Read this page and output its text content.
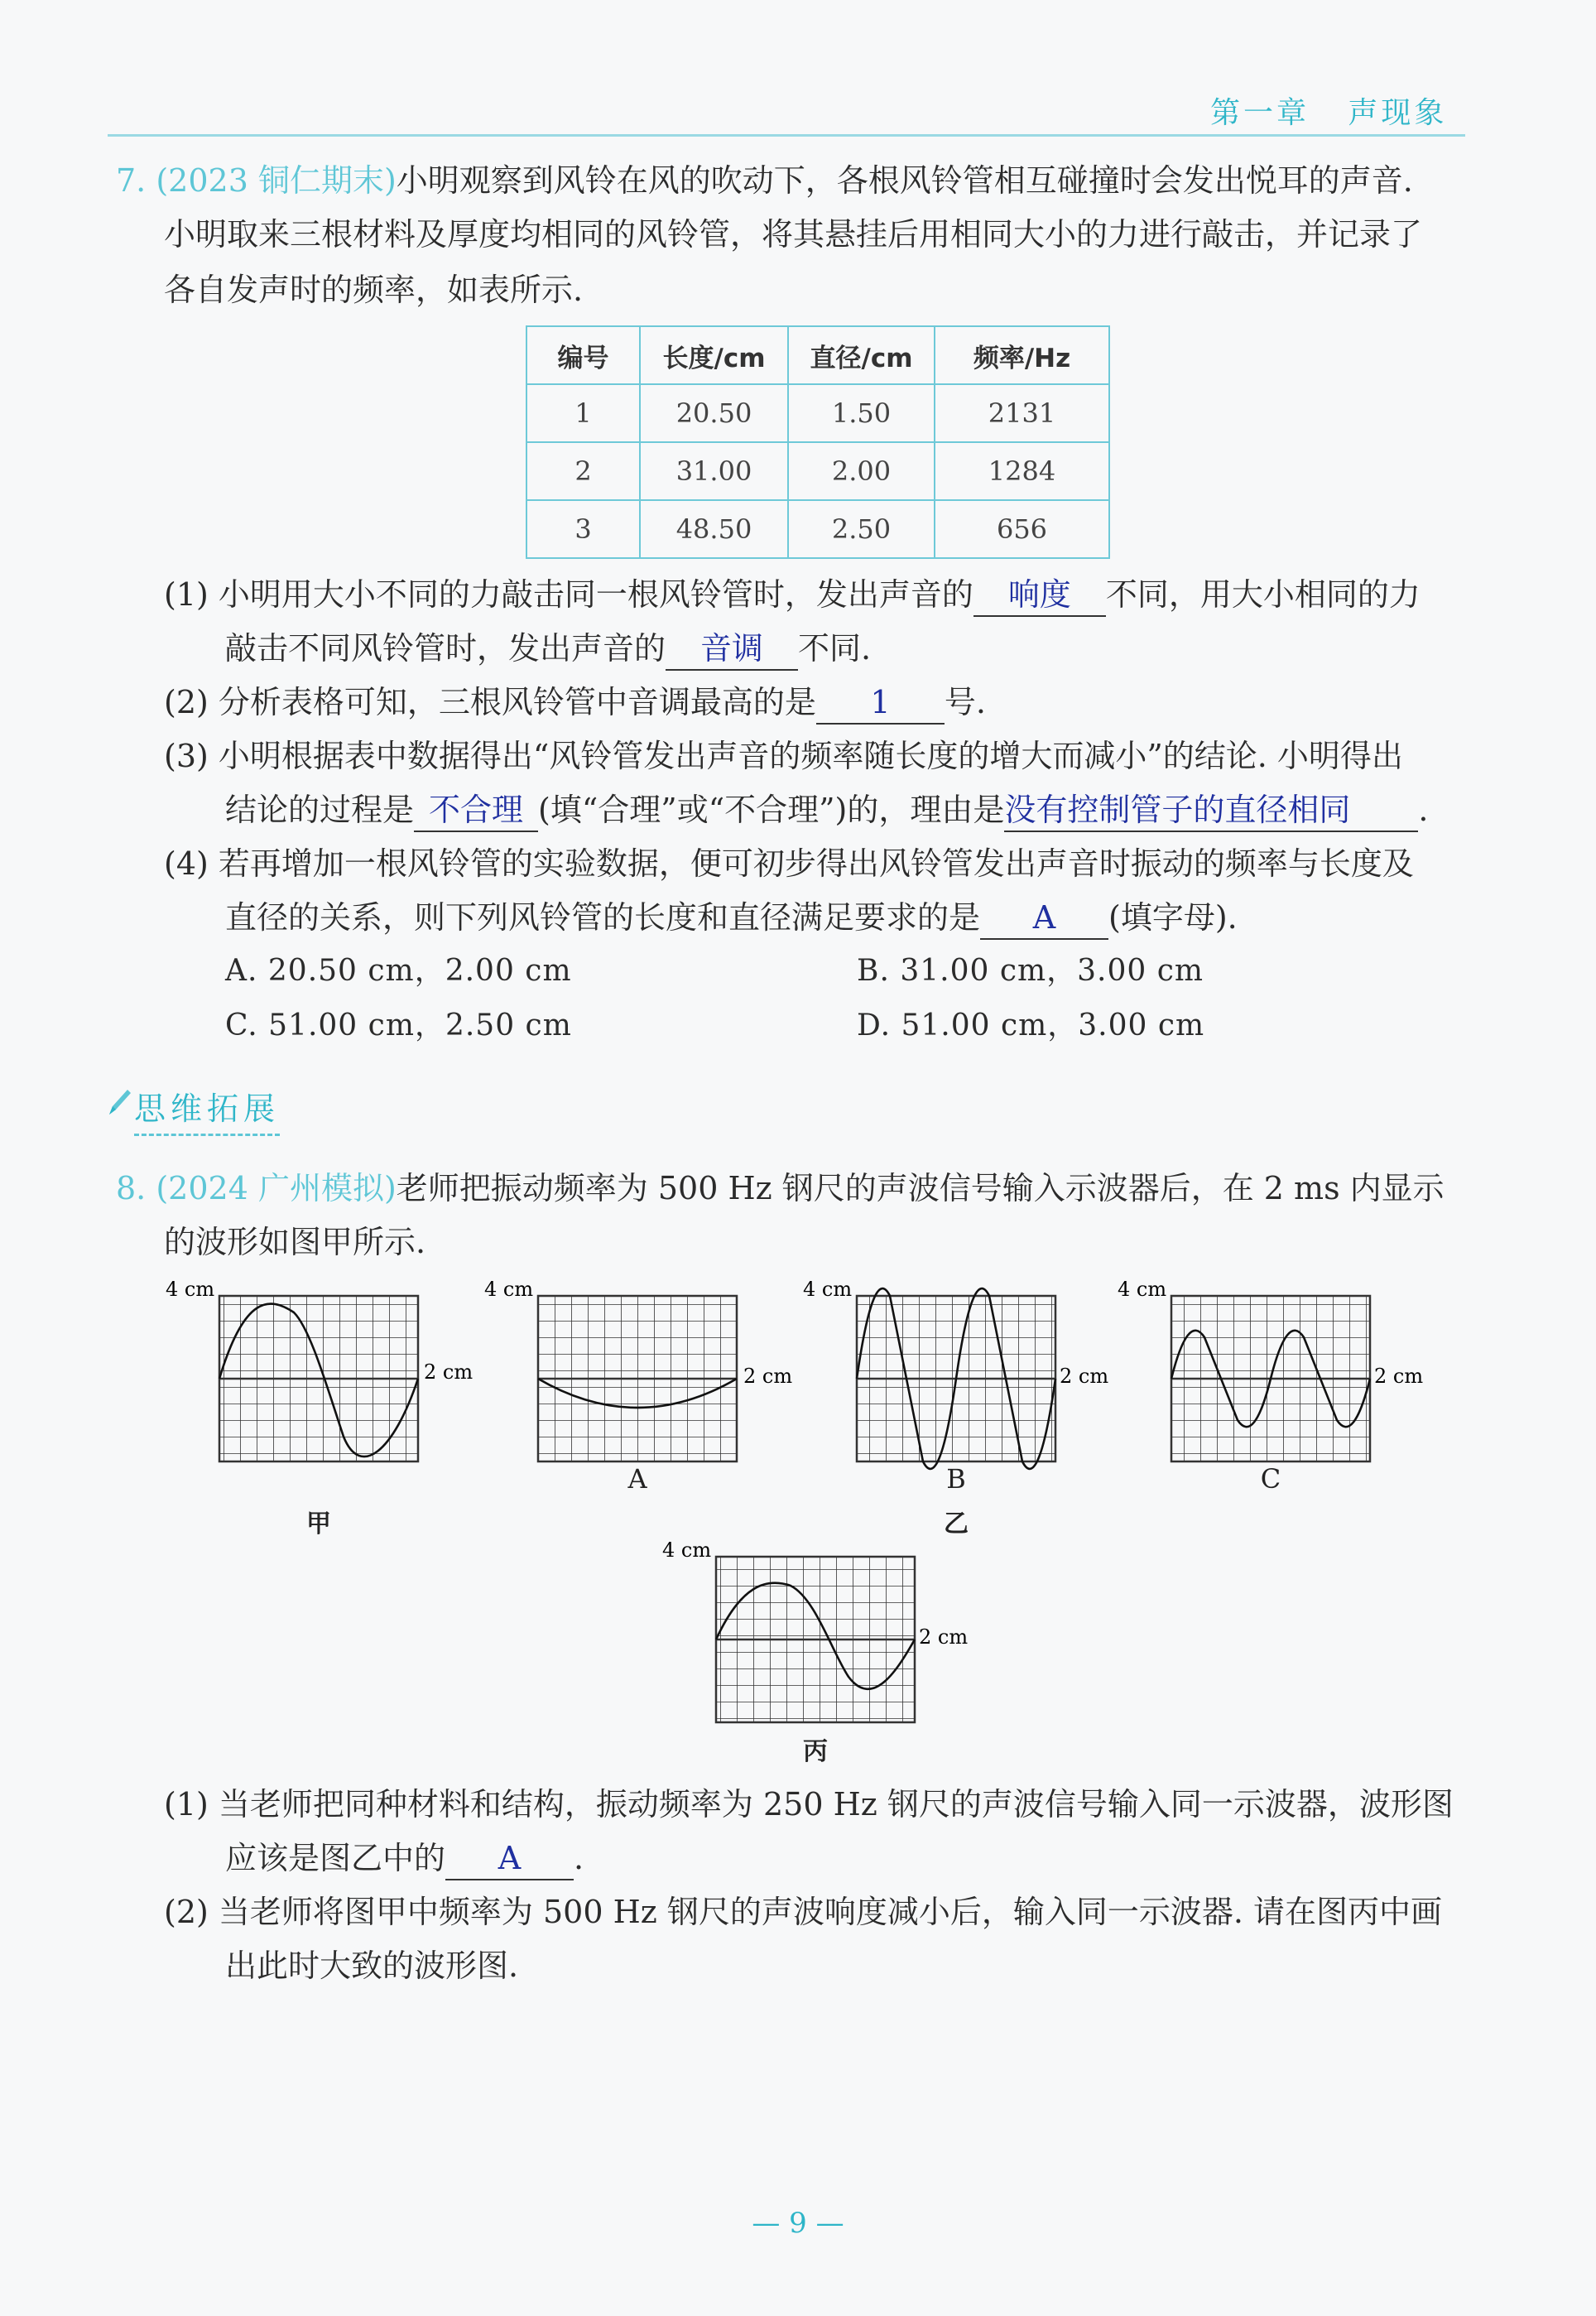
第一章 声现象
7. (2023 铜仁期末)小明观察到风铃在风的吹动下，各根风铃管相互碰撞时会发出悦耳的声音.
小明取来三根材料及厚度均相同的风铃管，将其悬挂后用相同大小的力进行敲击，并记录了
各自发声时的频率，如表所示.
编号	长度/cm	直径/cm	频率/Hz
1	20.50	1.50	2131
2	31.00	2.00	1284
3	48.50	2.50	656
(1) 小明用大小不同的力敲击同一根风铃管时，发出声音的 响度 不同，用大小相同的力
敲击不同风铃管时，发出声音的 音调 不同.
(2) 分析表格可知，三根风铃管中音调最高的是 1 号.
(3) 小明根据表中数据得出“风铃管发出声音的频率随长度的增大而减小”的结论. 小明得出
结论的过程是 不合理 (填“合理”或“不合理”)的，理由是没有控制管子的直径相同 .
(4) 若再增加一根风铃管的实验数据，便可初步得出风铃管发出声音时振动的频率与长度及
直径的关系，则下列风铃管的长度和直径满足要求的是 A (填字母).
A. 20.50 cm，2.00 cm	B. 31.00 cm，3.00 cm
C. 51.00 cm，2.50 cm	D. 51.00 cm，3.00 cm
思维拓展
8. (2024 广州模拟)老师把振动频率为 500 Hz 钢尺的声波信号输入示波器后，在 2 ms 内显示
的波形如图甲所示.
4 cm
2 cm
4 cm
2 cm
4 cm
2 cm
4 cm
2 cm
4 cm
2 cm
甲
A	B	C
乙
丙
(1) 当老师把同种材料和结构，振动频率为 250 Hz 钢尺的声波信号输入同一示波器，波形图
应该是图乙中的 A .
(2) 当老师将图甲中频率为 500 Hz 钢尺的声波响度减小后，输入同一示波器. 请在图丙中画
出此时大致的波形图.
— 9 —
